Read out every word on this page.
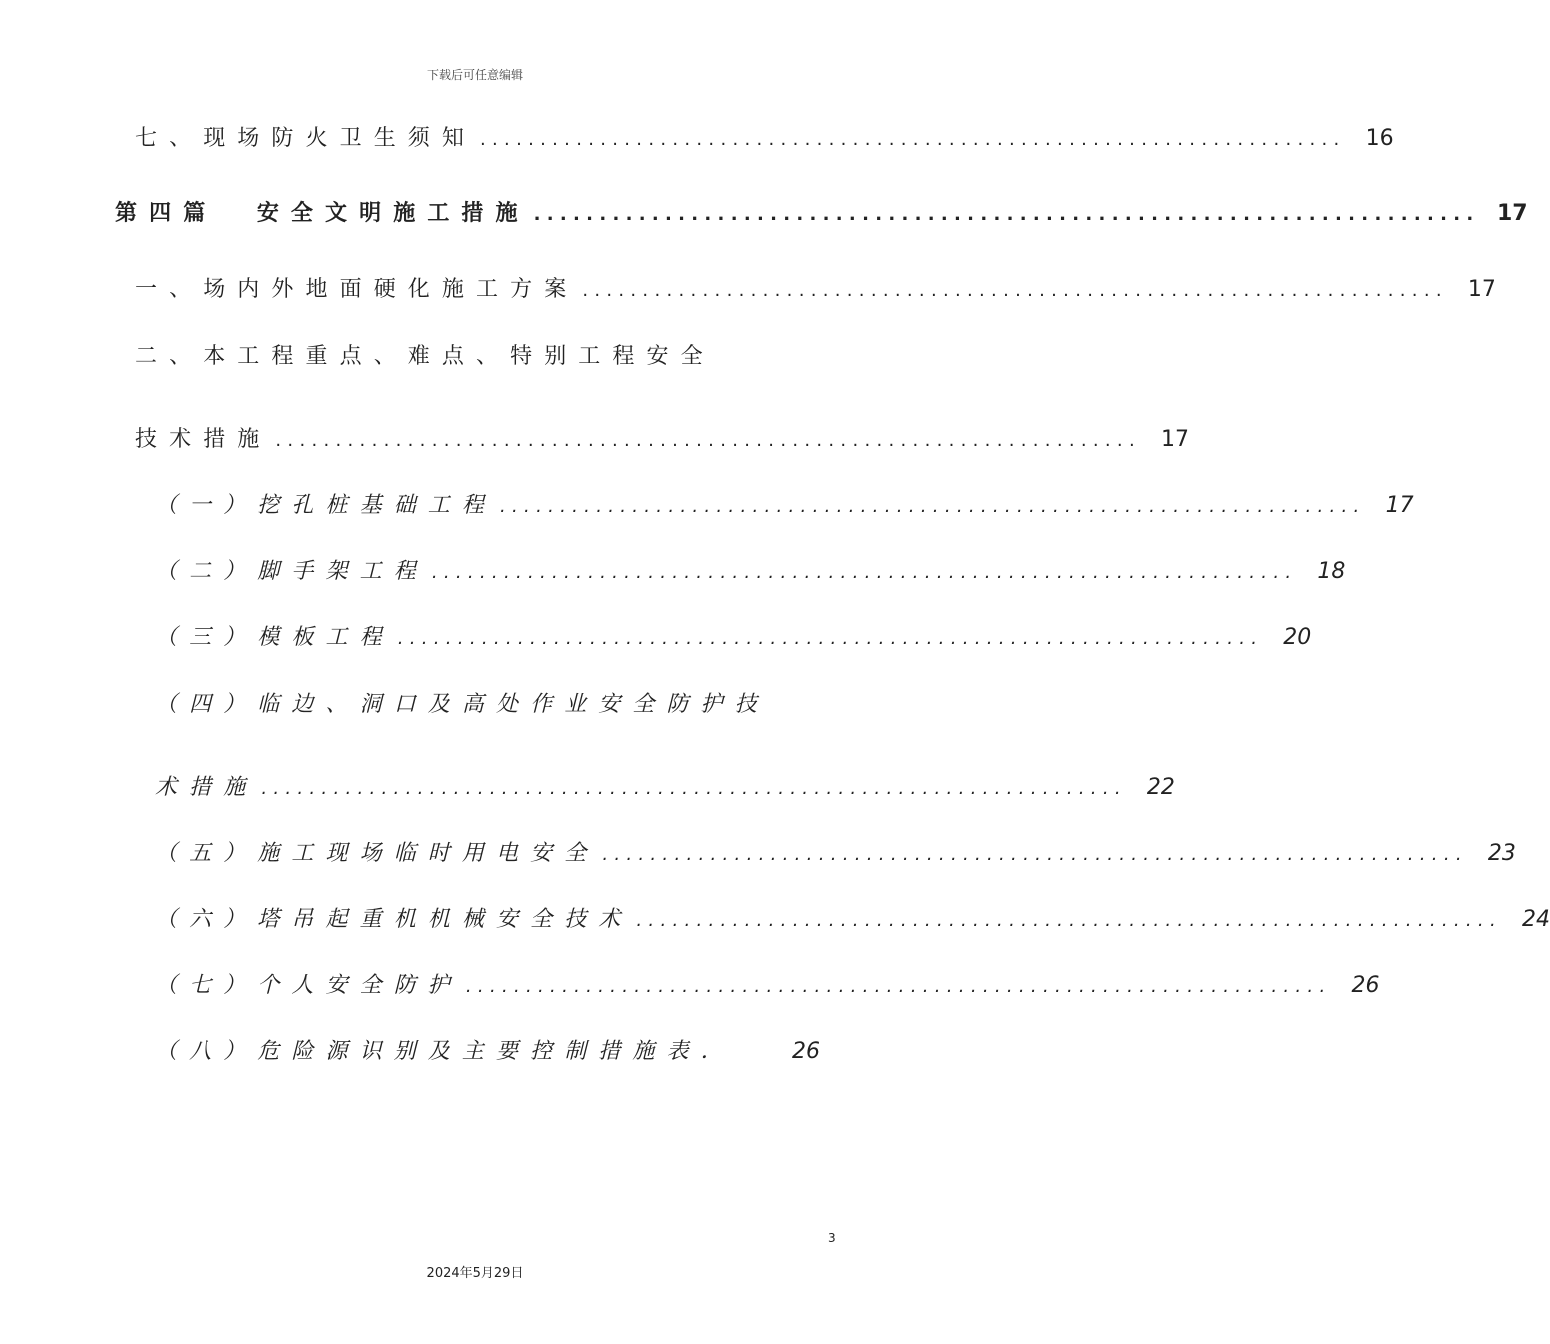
下载后可任意编辑
七、现场防火卫生须知 ........................................................................ 16
第四篇  安全文明施工措施 ........................................................................ 17
一、场内外地面硬化施工方案 ........................................................................ 17
二、本工程重点、难点、特别工程安全
技术措施 ........................................................................ 17
（一）挖孔桩基础工程 ........................................................................ 17
（二）脚手架工程 ........................................................................ 18
（三）模板工程 ........................................................................ 20
（四）临边、洞口及高处作业安全防护技
术措施 ........................................................................ 22
（五）施工现场临时用电安全 ........................................................................ 23
（六）塔吊起重机机械安全技术 ........................................................................ 24
（七）个人安全防护 ........................................................................ 26
（八）危险源识别及主要控制措施表．	26
3
2024年5月29日
